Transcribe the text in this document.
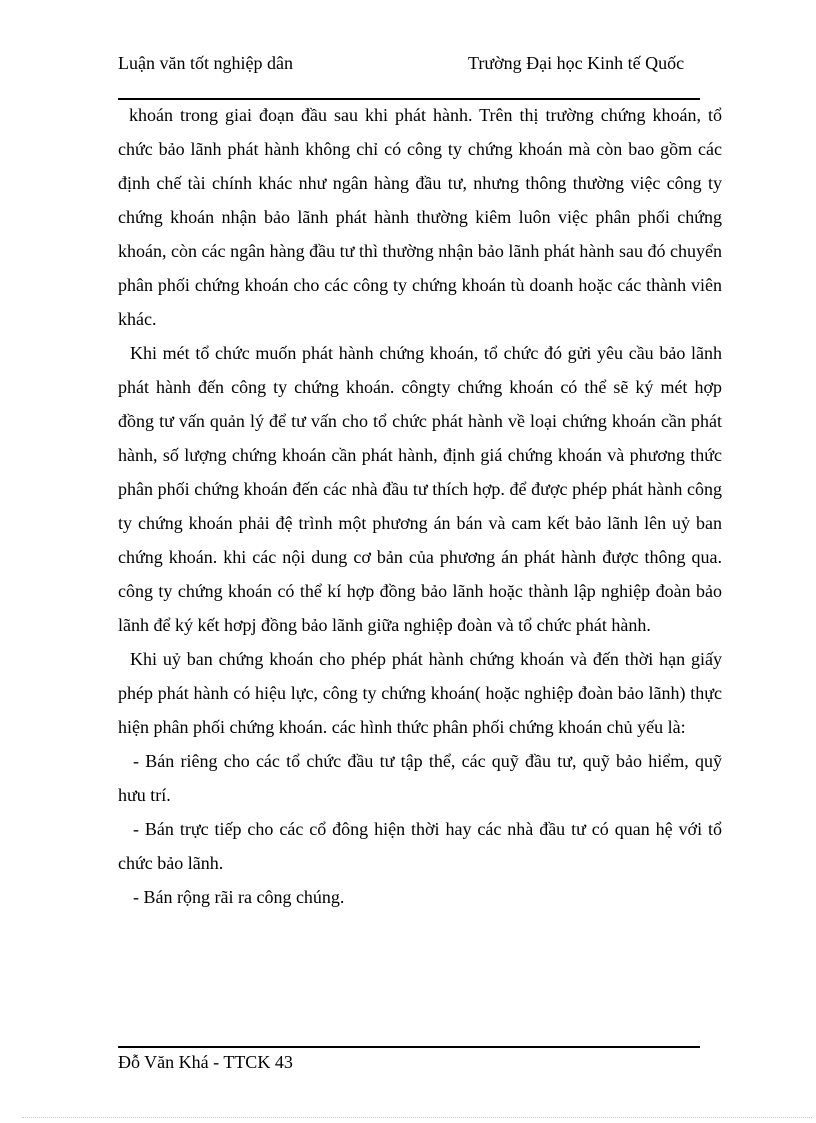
Luận văn tốt nghiệp dân	Trường Đại học Kinh tế Quốc

khoán trong giai đoạn đầu sau khi phát hành. Trên thị trường chứng khoán, tổ chức bảo lãnh phát hành không chỉ có công ty chứng khoán mà còn bao gồm các định chế tài chính khác như ngân hàng đầu tư, nhưng thông thường việc công ty chứng khoán nhận bảo lãnh phát hành thường kiêm luôn việc phân phối chứng khoán, còn các ngân hàng đầu tư thì thường nhận bảo lãnh phát hành sau đó chuyển phân phối chứng khoán cho các công ty chứng khoán tù doanh hoặc các thành viên khác.

Khi mét tổ chức muốn phát hành chứng khoán, tổ chức đó gửi yêu cầu bảo lãnh phát hành đến công ty chứng khoán. côngty chứng khoán có thể sẽ ký mét hợp đồng tư vấn quản lý để tư vấn cho tổ chức phát hành về loại chứng khoán cần phát hành, số lượng chứng khoán cần phát hành, định giá chứng khoán và phương thức phân phối chứng khoán đến các nhà đầu tư thích hợp. để được phép phát hành công ty chứng khoán phải đệ trình một phương án bán và cam kết bảo lãnh lên uỷ ban chứng khoán. khi các nội dung cơ bản của phương án phát hành được thông qua. công ty chứng khoán có thể kí hợp đồng bảo lãnh hoặc thành lập nghiệp đoàn bảo lãnh để ký kết hơpj đồng bảo lãnh giữa nghiệp đoàn và tổ chức phát hành.

Khi uỷ ban chứng khoán cho phép phát hành chứng khoán và đến thời hạn giấy phép phát hành có hiệu lực, công ty chứng khoán( hoặc nghiệp đoàn bảo lãnh) thực hiện phân phối chứng khoán. các hình thức phân phối chứng khoán chủ yếu là:

- Bán riêng cho các tổ chức đầu tư tập thể, các quỹ đầu tư, quỹ bảo hiểm, quỹ hưu trí.

- Bán trực tiếp cho các cổ đông hiện thời hay các nhà đầu tư có quan hệ với tổ chức bảo lãnh.

- Bán rộng rãi ra công chúng.

Đỗ Văn Khá - TTCK 43
